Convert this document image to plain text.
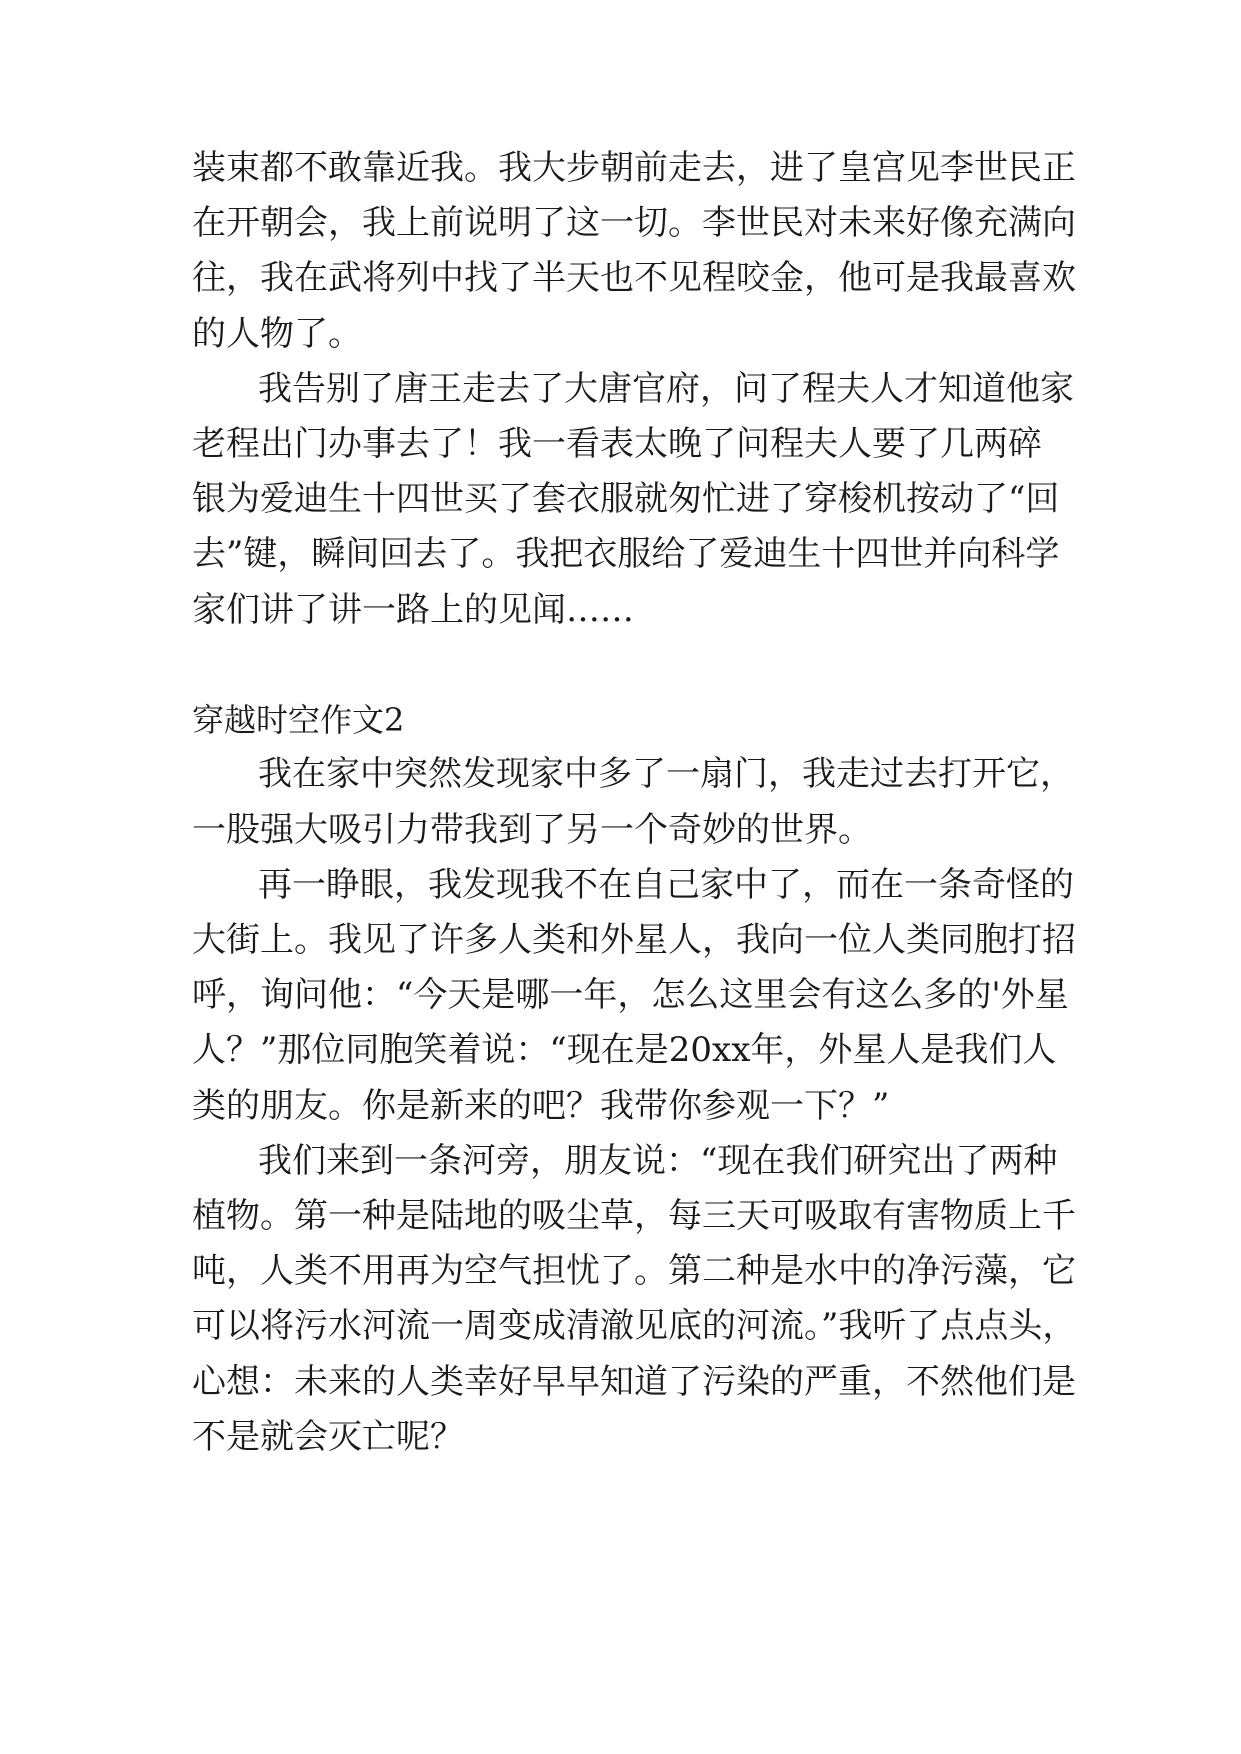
装束都不敢靠近我。我大步朝前走去，进了皇宫见李世民正

在开朝会，我上前说明了这一切。李世民对未来好像充满向

往，我在武将列中找了半天也不见程咬金，他可是我最喜欢

的人物了。

我告别了唐王走去了大唐官府，问了程夫人才知道他家

老程出门办事去了！我一看表太晚了问程夫人要了几两碎

银为爱迪生十四世买了套衣服就匆忙进了穿梭机按动了“回

去”键，瞬间回去了。我把衣服给了爱迪生十四世并向科学

家们讲了讲一路上的见闻……

穿越时空作文2

我在家中突然发现家中多了一扇门，我走过去打开它，

一股强大吸引力带我到了另一个奇妙的世界。

再一睁眼，我发现我不在自己家中了，而在一条奇怪的

大街上。我见了许多人类和外星人，我向一位人类同胞打招

呼，询问他：“今天是哪一年，怎么这里会有这么多的'外星

人？”那位同胞笑着说：“现在是20xx年，外星人是我们人

类的朋友。你是新来的吧？我带你参观一下？”

我们来到一条河旁，朋友说：“现在我们研究出了两种

植物。第一种是陆地的吸尘草，每三天可吸取有害物质上千

吨，人类不用再为空气担忧了。第二种是水中的净污藻，它

可以将污水河流一周变成清澈见底的河流。”我听了点点头，

心想：未来的人类幸好早早知道了污染的严重，不然他们是

不是就会灭亡呢？
